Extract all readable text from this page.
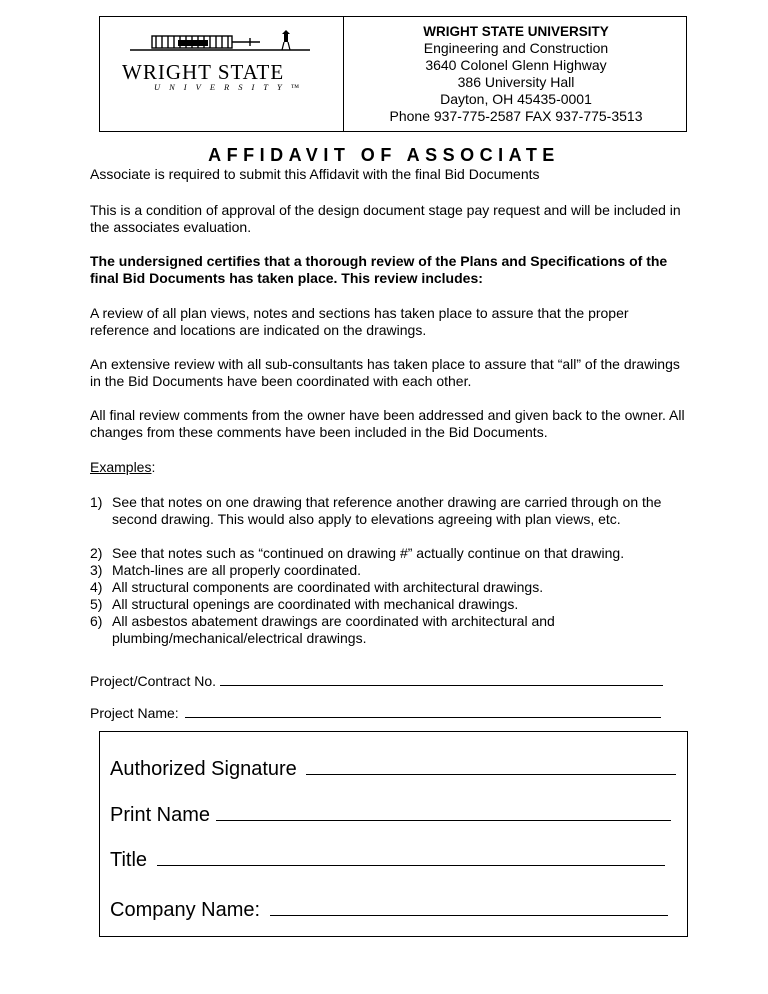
WRIGHT STATE
UNIVERSITY™
WRIGHT STATE UNIVERSITY
Engineering and Construction
3640 Colonel Glenn Highway
386 University Hall
Dayton, OH 45435-0001
Phone 937-775-2587 FAX 937-775-3513
AFFIDAVIT OF ASSOCIATE
Associate is required to submit this Affidavit with the final Bid Documents
This is a condition of approval of the design document stage pay request and will be included in the associates evaluation.
The undersigned certifies that a thorough review of the Plans and Specifications of the final Bid Documents has taken place. This review includes:
A review of all plan views, notes and sections has taken place to assure that the proper reference and locations are indicated on the drawings.
An extensive review with all sub-consultants has taken place to assure that “all” of the drawings in the Bid Documents have been coordinated with each other.
All final review comments from the owner have been addressed and given back to the owner. All changes from these comments have been included in the Bid Documents.
Examples:
1) See that notes on one drawing that reference another drawing are carried through on the second drawing. This would also apply to elevations agreeing with plan views, etc.
2) See that notes such as “continued on drawing #” actually continue on that drawing.
3) Match-lines are all properly coordinated.
4) All structural components are coordinated with architectural drawings.
5) All structural openings are coordinated with mechanical drawings.
6) All asbestos abatement drawings are coordinated with architectural and plumbing/mechanical/electrical drawings.
Project/Contract No.
Project Name:
Authorized Signature
Print Name
Title
Company Name:
